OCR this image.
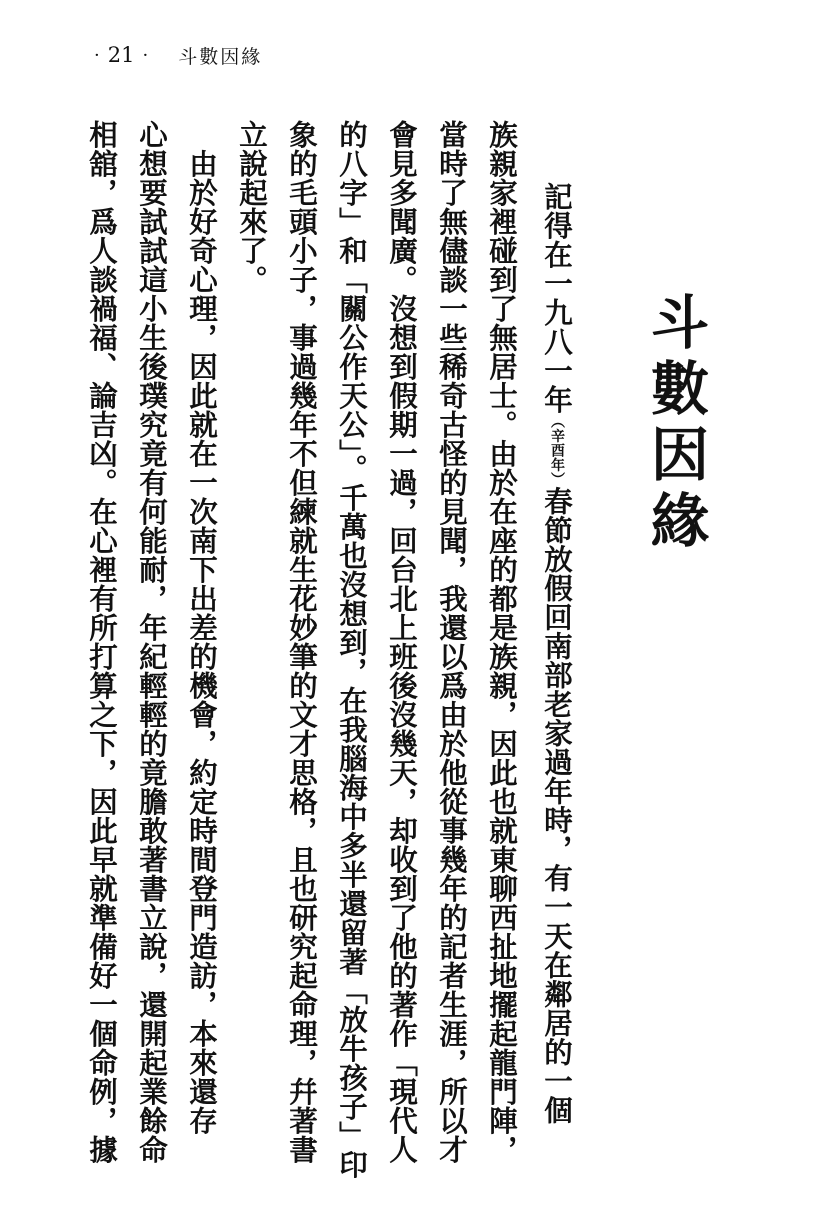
· 21 ·	斗數因緣
斗數因緣
記得在一九八一年（辛酉年）春節放假回南部老家過年時，有一天在鄰居的一個
族親家裡碰到了無居士。由於在座的都是族親，因此也就東聊西扯地擺起龍門陣，
當時了無儘談一些稀奇古怪的見聞，我還以爲由於他從事幾年的記者生涯，所以才
會見多聞廣。沒想到假期一過，回台北上班後沒幾天，却收到了他的著作「現代人
的八字」和「關公作天公」。千萬也沒想到，在我腦海中多半還留著「放牛孩子」印
象的毛頭小子，事過幾年不但練就生花妙筆的文才思格，且也研究起命理，幷著書
立說起來了。
　由於好奇心理，因此就在一次南下出差的機會，約定時間登門造訪，本來還存
心想要試試這小生後璞究竟有何能耐，年紀輕輕的竟膽敢著書立說，還開起業餘命
相舘，爲人談禍福、論吉凶。在心裡有所打算之下，因此早就準備好一個命例，據
